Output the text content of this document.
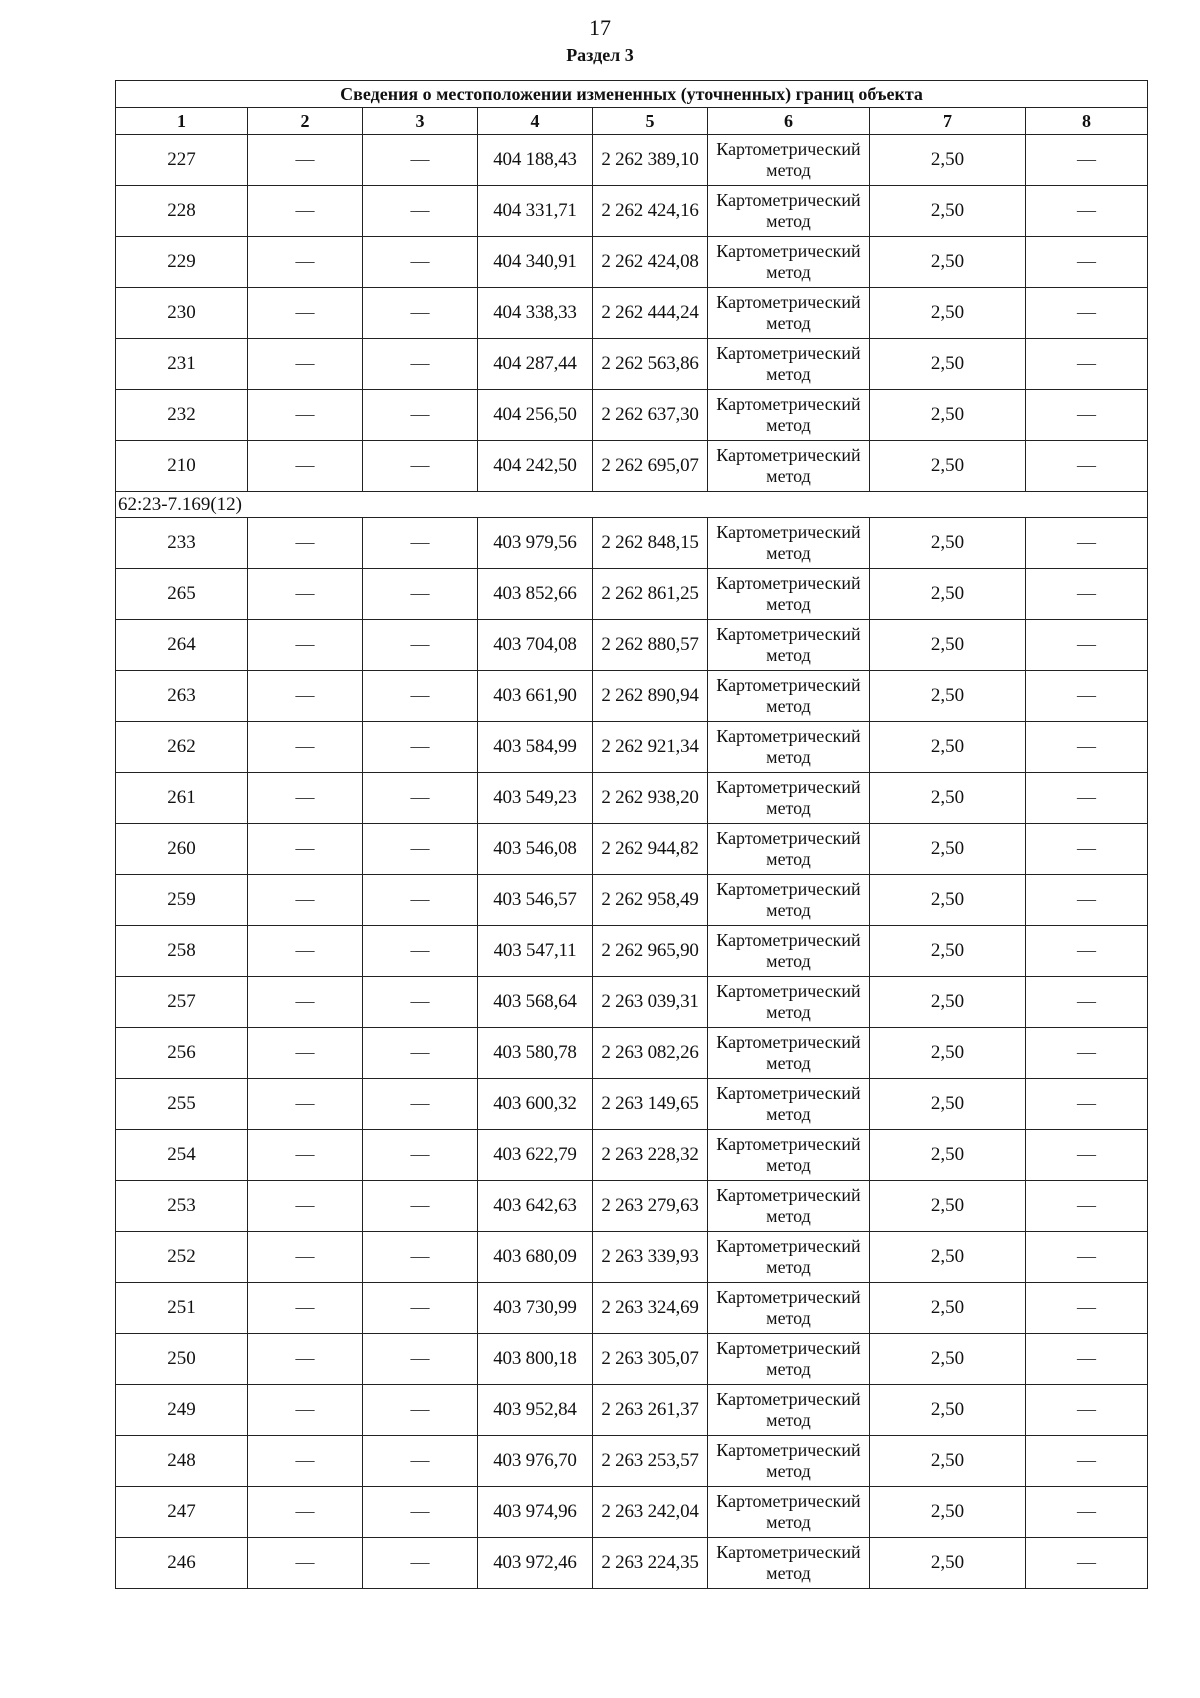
17
Раздел 3
Сведения о местоположении измененных (уточненных) границ объекта							
1	2	3	4	5	6	7	8
227	—	—	404 188,43	2 262 389,10	Картометрический метод	2,50	—
228	—	—	404 331,71	2 262 424,16	Картометрический метод	2,50	—
229	—	—	404 340,91	2 262 424,08	Картометрический метод	2,50	—
230	—	—	404 338,33	2 262 444,24	Картометрический метод	2,50	—
231	—	—	404 287,44	2 262 563,86	Картометрический метод	2,50	—
232	—	—	404 256,50	2 262 637,30	Картометрический метод	2,50	—
210	—	—	404 242,50	2 262 695,07	Картометрический метод	2,50	—
62:23-7.169(12)							
233	—	—	403 979,56	2 262 848,15	Картометрический метод	2,50	—
265	—	—	403 852,66	2 262 861,25	Картометрический метод	2,50	—
264	—	—	403 704,08	2 262 880,57	Картометрический метод	2,50	—
263	—	—	403 661,90	2 262 890,94	Картометрический метод	2,50	—
262	—	—	403 584,99	2 262 921,34	Картометрический метод	2,50	—
261	—	—	403 549,23	2 262 938,20	Картометрический метод	2,50	—
260	—	—	403 546,08	2 262 944,82	Картометрический метод	2,50	—
259	—	—	403 546,57	2 262 958,49	Картометрический метод	2,50	—
258	—	—	403 547,11	2 262 965,90	Картометрический метод	2,50	—
257	—	—	403 568,64	2 263 039,31	Картометрический метод	2,50	—
256	—	—	403 580,78	2 263 082,26	Картометрический метод	2,50	—
255	—	—	403 600,32	2 263 149,65	Картометрический метод	2,50	—
254	—	—	403 622,79	2 263 228,32	Картометрический метод	2,50	—
253	—	—	403 642,63	2 263 279,63	Картометрический метод	2,50	—
252	—	—	403 680,09	2 263 339,93	Картометрический метод	2,50	—
251	—	—	403 730,99	2 263 324,69	Картометрический метод	2,50	—
250	—	—	403 800,18	2 263 305,07	Картометрический метод	2,50	—
249	—	—	403 952,84	2 263 261,37	Картометрический метод	2,50	—
248	—	—	403 976,70	2 263 253,57	Картометрический метод	2,50	—
247	—	—	403 974,96	2 263 242,04	Картометрический метод	2,50	—
246	—	—	403 972,46	2 263 224,35	Картометрический метод	2,50	—
